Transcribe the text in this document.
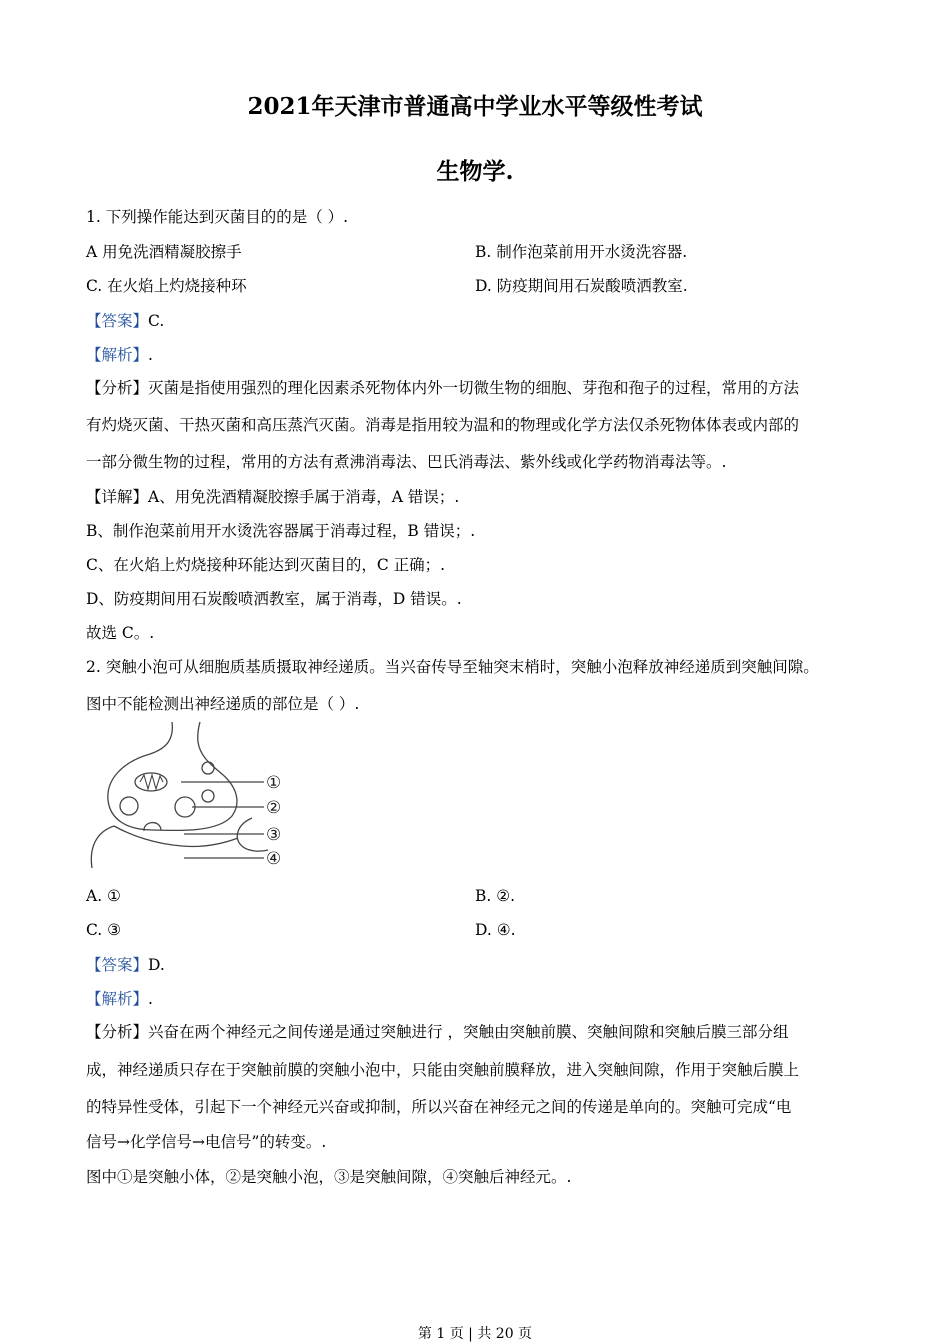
2021年天津市普通高中学业水平等级性考试
生物学.
1. 下列操作能达到灭菌目的的是（ ）.
A 用免洗酒精凝胶擦手	B. 制作泡菜前用开水烫洗容器.
C. 在火焰上灼烧接种环	D. 防疫期间用石炭酸喷洒教室.
【答案】C.
【解析】.
【分析】灭菌是指使用强烈的理化因素杀死物体内外一切微生物的细胞、芽孢和孢子的过程，常用的方法
有灼烧灭菌、干热灭菌和高压蒸汽灭菌。消毒是指用较为温和的物理或化学方法仅杀死物体体表或内部的
一部分微生物的过程，常用的方法有煮沸消毒法、巴氏消毒法、紫外线或化学药物消毒法等。.
【详解】A、用免洗酒精凝胶擦手属于消毒，A 错误；.
B、制作泡菜前用开水烫洗容器属于消毒过程，B 错误；.
C、在火焰上灼烧接种环能达到灭菌目的，C 正确；.
D、防疫期间用石炭酸喷洒教室，属于消毒，D 错误。.
故选 C。.
2. 突触小泡可从细胞质基质摄取神经递质。当兴奋传导至轴突末梢时，突触小泡释放神经递质到突触间隙。
图中不能检测出神经递质的部位是（ ）.
①
②
③
④
A. ①	B. ②.
C. ③	D. ④.
【答案】D.
【解析】.
【分析】兴奋在两个神经元之间传递是通过突触进行 ，突触由突触前膜、突触间隙和突触后膜三部分组
成，神经递质只存在于突触前膜的突触小泡中，只能由突触前膜释放，进入突触间隙，作用于突触后膜上
的特异性受体，引起下一个神经元兴奋或抑制，所以兴奋在神经元之间的传递是单向的。突触可完成“电
信号→化学信号→电信号”的转变。.
图中①是突触小体，②是突触小泡，③是突触间隙，④突触后神经元。.
第 1 页 | 共 20 页
